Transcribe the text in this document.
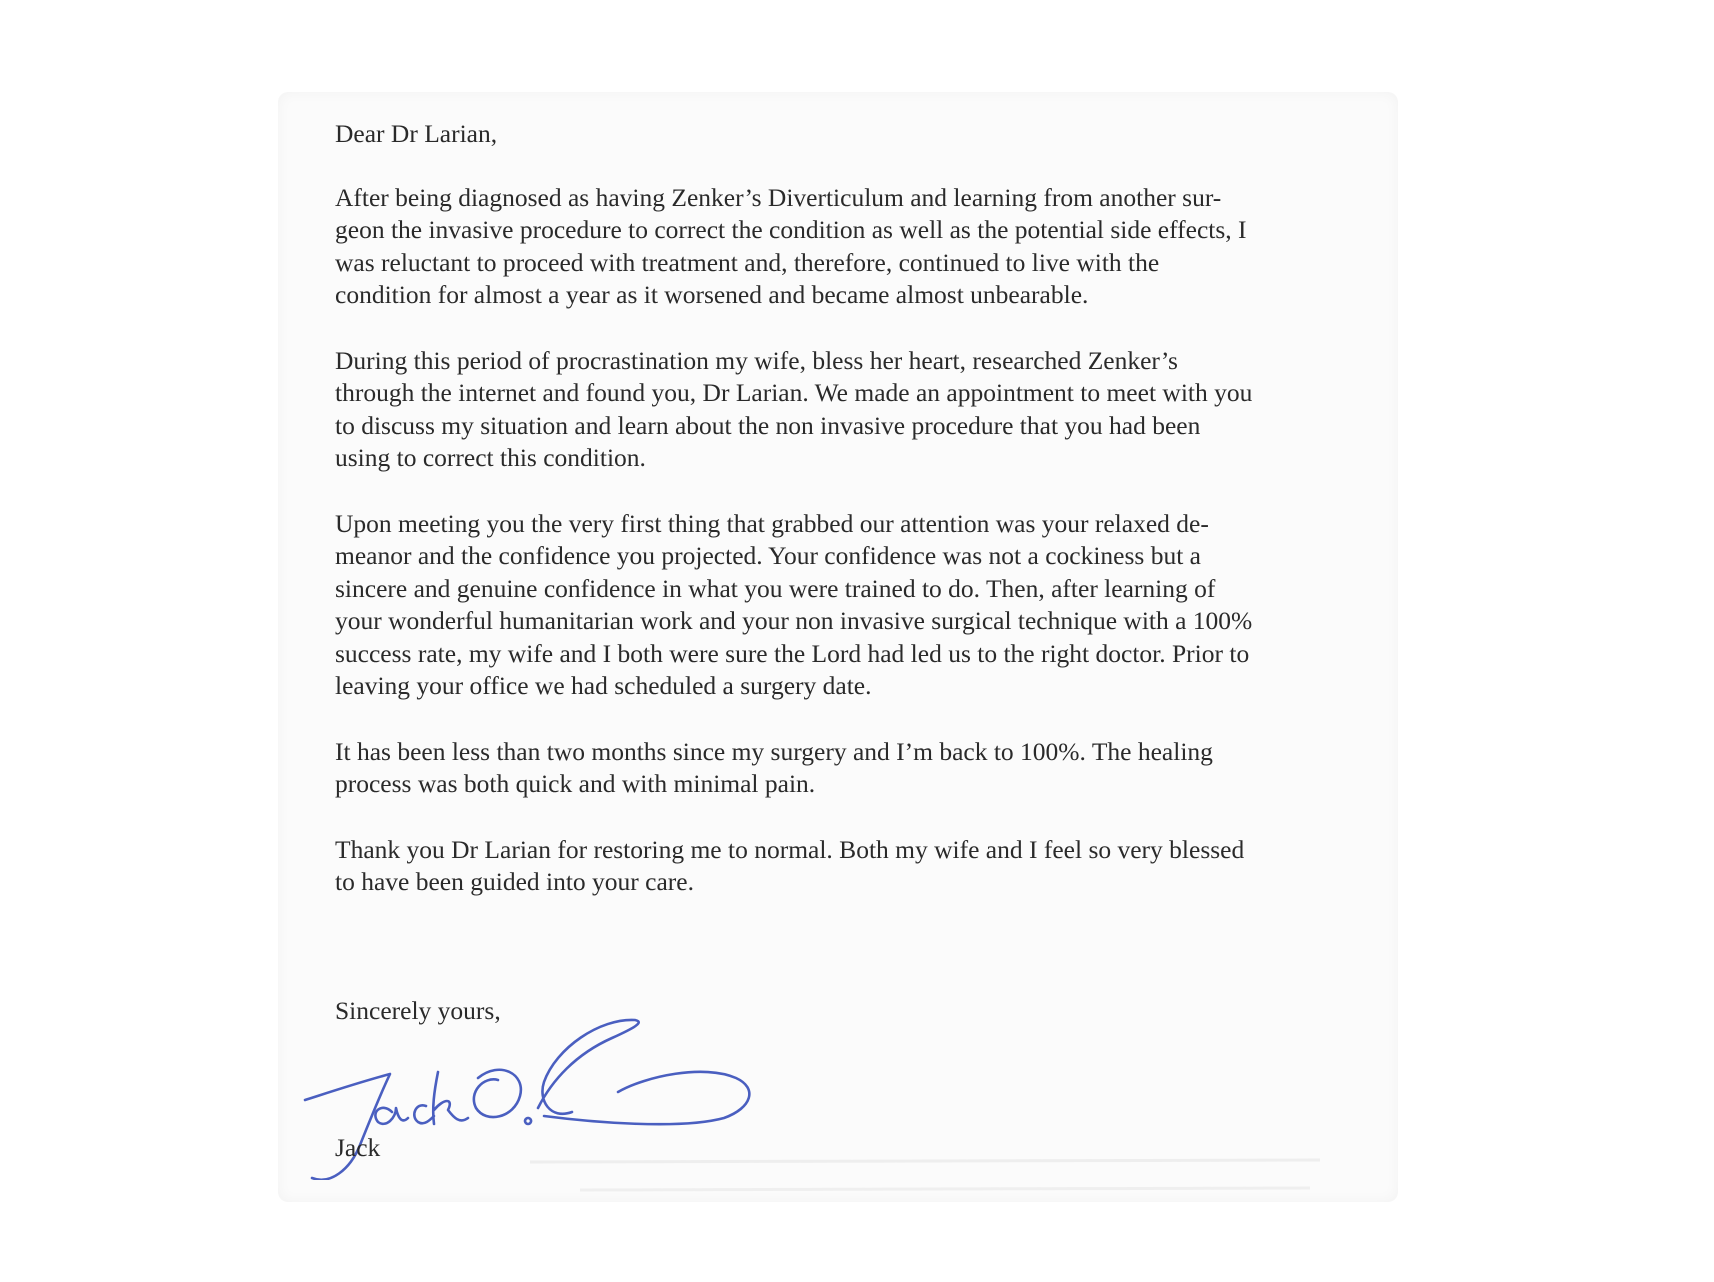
Dear Dr Larian,
After being diagnosed as having Zenker’s Diverticulum and learning from another sur-
geon the invasive procedure to correct the condition as well as the potential side effects, I
was reluctant to proceed with treatment and, therefore, continued to live with the
condition for almost a year as it worsened and became almost unbearable.
During this period of procrastination my wife, bless her heart, researched Zenker’s
through the internet and found you, Dr Larian. We made an appointment to meet with you
to discuss my situation and learn about the non invasive procedure that you had been
using to correct this condition.
Upon meeting you the very first thing that grabbed our attention was your relaxed de-
meanor and the confidence you projected. Your confidence was not a cockiness but a
sincere and genuine confidence in what you were trained to do. Then, after learning of
your wonderful humanitarian work and your non invasive surgical technique with a 100%
success rate, my wife and I both were sure the Lord had led us to the right doctor. Prior to
leaving your office we had scheduled a surgery date.
It has been less than two months since my surgery and I’m back to 100%. The healing
process was both quick and with minimal pain.
Thank you Dr Larian for restoring me to normal. Both my wife and I feel so very blessed
to have been guided into your care.
Sincerely yours,
Jack
